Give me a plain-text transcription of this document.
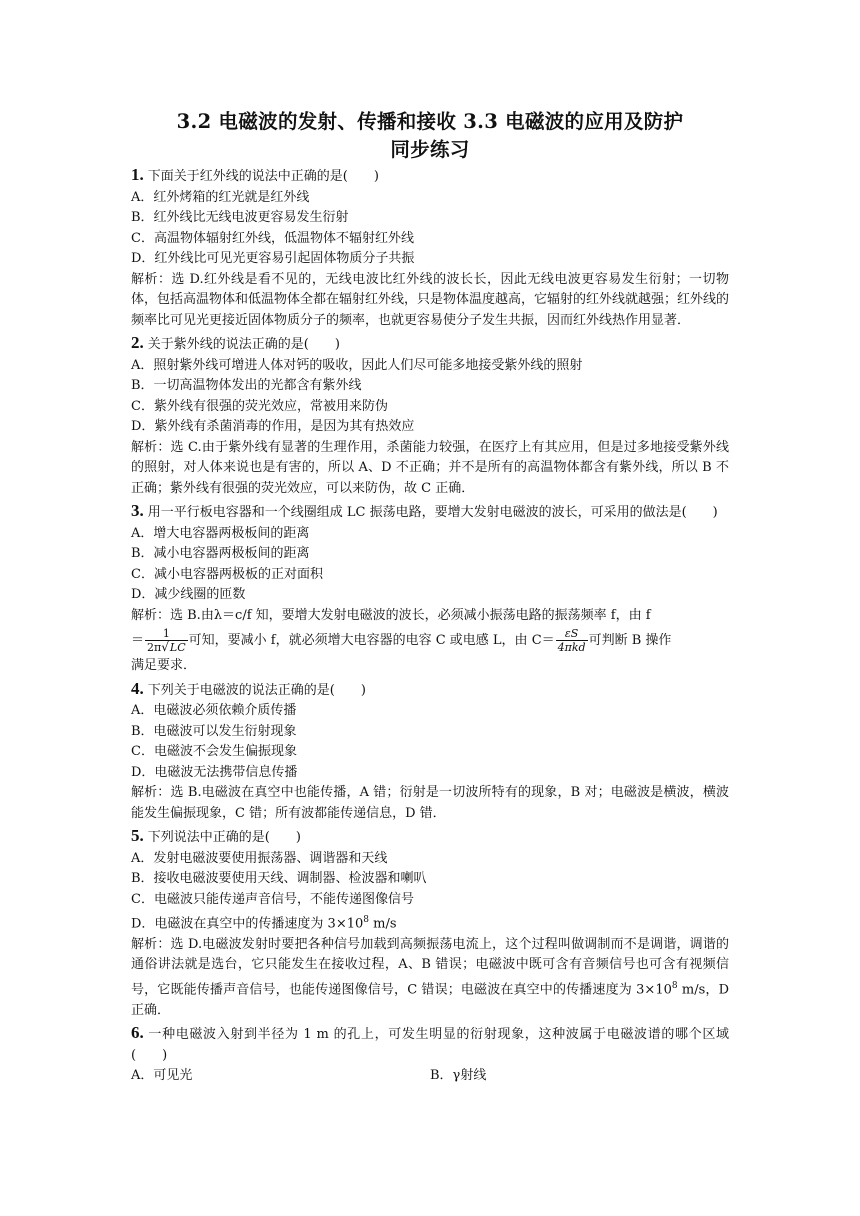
3.2 电磁波的发射、传播和接收 3.3 电磁波的应用及防护
同步练习
1. 下面关于红外线的说法中正确的是(　　)
A．红外烤箱的红光就是红外线
B．红外线比无线电波更容易发生衍射
C．高温物体辐射红外线，低温物体不辐射红外线
D．红外线比可见光更容易引起固体物质分子共振
解析：选 D.红外线是看不见的，无线电波比红外线的波长长，因此无线电波更容易发生衍射；一切物体，包括高温物体和低温物体全都在辐射红外线，只是物体温度越高，它辐射的红外线就越强；红外线的频率比可见光更接近固体物质分子的频率，也就更容易使分子发生共振，因而红外线热作用显著．
2. 关于紫外线的说法正确的是(　　)
A．照射紫外线可增进人体对钙的吸收，因此人们尽可能多地接受紫外线的照射
B．一切高温物体发出的光都含有紫外线
C．紫外线有很强的荧光效应，常被用来防伪
D．紫外线有杀菌消毒的作用，是因为其有热效应
解析：选 C.由于紫外线有显著的生理作用，杀菌能力较强，在医疗上有其应用，但是过多地接受紫外线的照射，对人体来说也是有害的，所以 A、D 不正确；并不是所有的高温物体都含有紫外线，所以 B 不正确；紫外线有很强的荧光效应，可以来防伪，故 C 正确．
3. 用一平行板电容器和一个线圈组成 LC 振荡电路，要增大发射电磁波的波长，可采用的做法是(　　)
A．增大电容器两极板间的距离
B．减小电容器两极板间的距离
C．减小电容器两极板的正对面积
D．减少线圈的匝数
解析：选 B.由λ＝c/f 知，要增大发射电磁波的波长，必须减小振荡电路的振荡频率 f，由 f
＝ $\frac{1}{2\pi√LC}$ 可知，要减小 f，就必须增大电容器的电容 C 或电感 L，由 $C= \frac{\varepsilon S}{\text{4πkd}}$ 可判断 B 操作
满足要求．
4. 下列关于电磁波的说法正确的是(　　)
A．电磁波必须依赖介质传播
B．电磁波可以发生衍射现象
C．电磁波不会发生偏振现象
D．电磁波无法携带信息传播
解析：选 B.电磁波在真空中也能传播，A 错；衍射是一切波所特有的现象，B 对；电磁波是横波，横波能发生偏振现象，C 错；所有波都能传递信息，D 错．
5. 下列说法中正确的是(　　)
A．发射电磁波要使用振荡器、调谐器和天线
B．接收电磁波要使用天线、调制器、检波器和喇叭
C．电磁波只能传递声音信号，不能传递图像信号
D．电磁波在真空中的传播速度为 $3\times 10^8$ m/s
解析：选 D.电磁波发射时要把各种信号加载到高频振荡电流上，这个过程叫做调制而不是调谐，调谐的通俗讲法就是选台，它只能发生在接收过程，A、B 错误；电磁波中既可含有音频信号也可含有视频信号，它既能传播声音信号，也能传递图像信号，C 错误；电磁波在真空中的传播速度为 $3\times 10^8$ m/s，D 正确．
6. 一种电磁波入射到半径为 1 m 的孔上，可发生明显的衍射现象，这种波属于电磁波谱的哪个区域(　　)
A．可见光	B．γ射线
